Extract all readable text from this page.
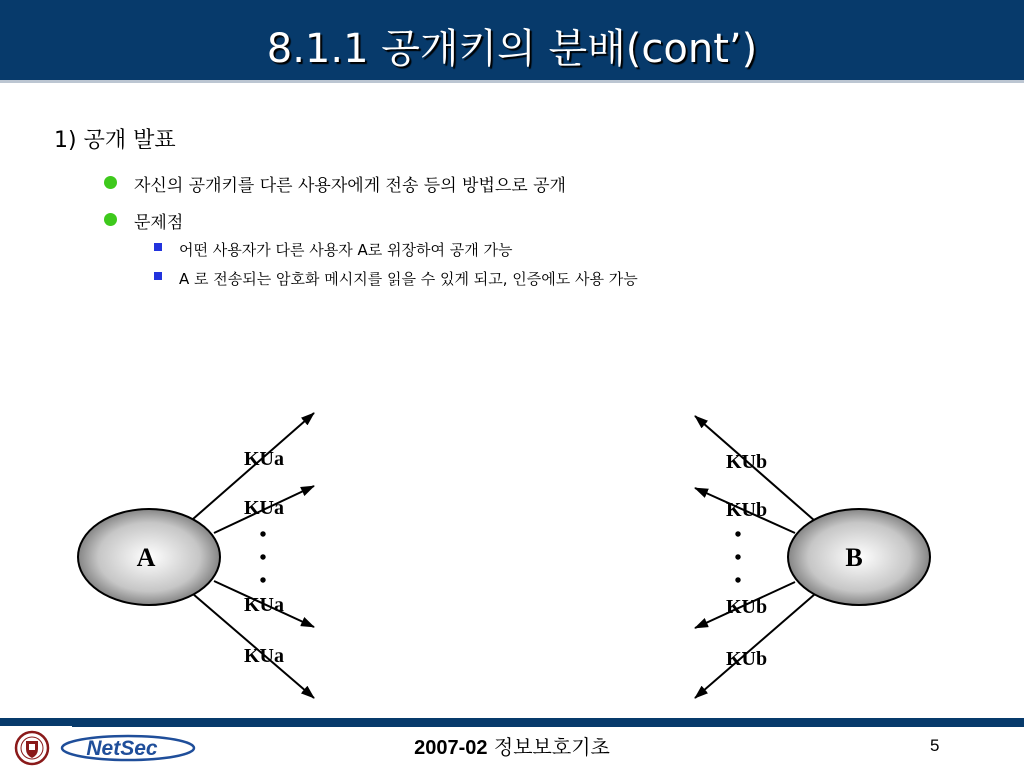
8.1.1 공개키의 분배(cont’)
1) 공개 발표
자신의 공개키를 다른 사용자에게 전송 등의 방법으로 공개
문제점
어떤 사용자가 다른 사용자 A로 위장하여 공개 가능
A 로 전송되는 암호화 메시지를 읽을 수 있게 되고, 인증에도 사용 가능
A
KUa
KUa
•
•
•
KUa
KUa
B
KUb
KUb
•
•
•
KUb
KUb
NetSec	2007-02 정보보호기초	5
